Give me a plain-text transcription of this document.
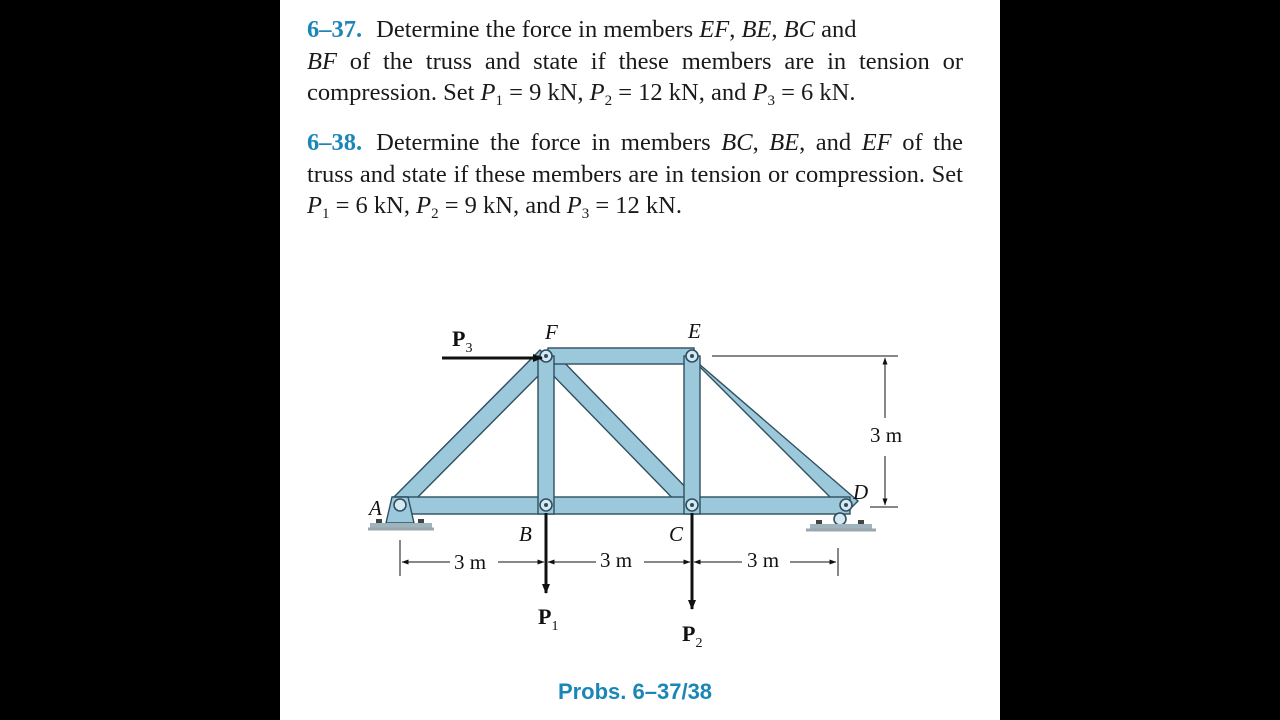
6–37. Determine the force in members EF, BE, BC and
BF of the truss and state if these members are in tension or compression. Set $P_1 = 9$ kN, $P_2 = 12$ kN, and $P_3 = 6$ kN.
6–38. Determine the force in members BC, BE, and EF of the truss and state if these members are in tension or compression. Set $P_1 = 6$ kN, $P_2 = 9$ kN, and $P_3 = 12$ kN.
A
B	C
D
E
F
$P_3$
$P_1$	$P_2$
3 m	3 m	3 m
3 m
Probs. 6–37/38
